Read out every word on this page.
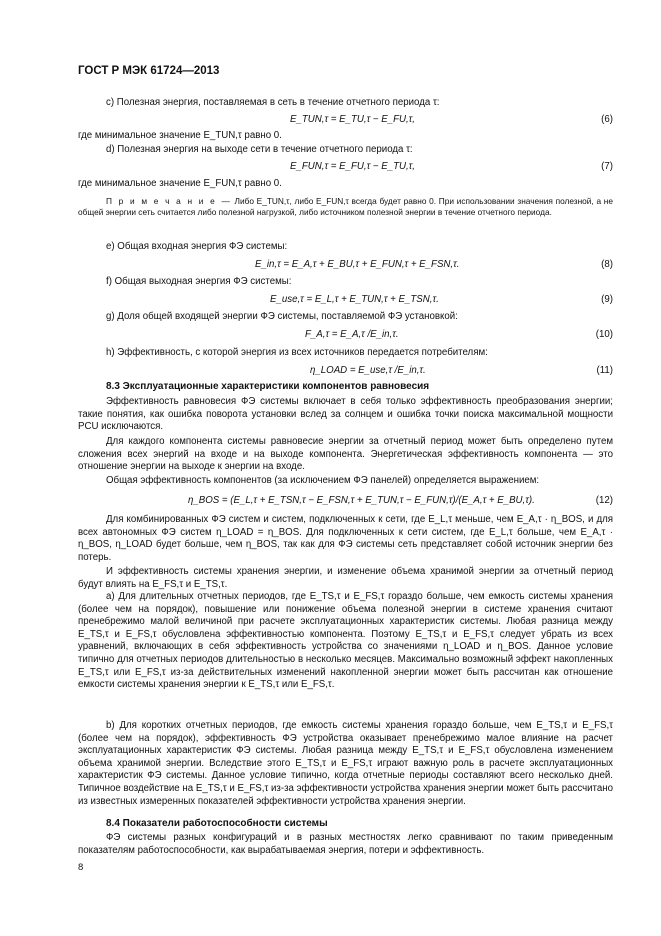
ГОСТ Р МЭК 61724—2013
c) Полезная энергия, поставляемая в сеть в течение отчетного периода τ:
E_TUN,τ = E_TU,τ − E_FU,τ,	(6)
где минимальное значение E_TUN,τ равно 0.
d) Полезная энергия на выходе сети в течение отчетного периода τ:
E_FUN,τ = E_FU,τ − E_TU,τ,	(7)
где минимальное значение E_FUN,τ равно 0.
П р и м е ч а н и е — Либо E_TUN,τ, либо E_FUN,τ всегда будет равно 0. При использовании значения полезной, а не общей энергии сеть считается либо полезной нагрузкой, либо источником полезной энергии в течение отчетного периода.
e) Общая входная энергия ФЭ системы:
E_in,τ = E_A,τ + E_BU,τ + E_FUN,τ + E_FSN,τ.	(8)
f) Общая выходная энергия ФЭ системы:
E_use,τ = E_L,τ + E_TUN,τ + E_TSN,τ.	(9)
g) Доля общей входящей энергии ФЭ системы, поставляемой ФЭ установкой:
F_A,τ = E_A,τ /E_in,τ.	(10)
h) Эффективность, с которой энергия из всех источников передается потребителям:
η_LOAD = E_use,τ /E_in,τ.	(11)
8.3 Эксплуатационные характеристики компонентов равновесия
Эффективность равновесия ФЭ системы включает в себя только эффективность преобразования энергии; такие понятия, как ошибка поворота установки вслед за солнцем и ошибка точки поиска максимальной мощности PCU исключаются.
Для каждого компонента системы равновесие энергии за отчетный период может быть определено путем сложения всех энергий на входе и на выходе компонента. Энергетическая эффективность компонента — это отношение энергии на выходе к энергии на входе.
Общая эффективность компонентов (за исключением ФЭ панелей) определяется выражением:
η_BOS = (E_L,τ + E_TSN,τ − E_FSN,τ + E_TUN,τ − E_FUN,τ)/(E_A,τ + E_BU,τ).	(12)
Для комбинированных ФЭ систем и систем, подключенных к сети, где E_L,τ меньше, чем E_A,τ · η_BOS, и для всех автономных ФЭ систем η_LOAD = η_BOS. Для подключенных к сети систем, где E_L,τ больше, чем E_A,τ · η_BOS, η_LOAD будет больше, чем η_BOS, так как для ФЭ системы сеть представляет собой источник энергии без потерь.
И эффективность системы хранения энергии, и изменение объема хранимой энергии за отчетный период будут влиять на E_FS,τ и E_TS,τ.
a) Для длительных отчетных периодов, где E_TS,τ и E_FS,τ гораздо больше, чем емкость системы хранения (более чем на порядок), повышение или понижение объема полезной энергии в системе хранения считают пренебрежимо малой величиной при расчете эксплуатационных характеристик системы. Любая разница между E_TS,τ и E_FS,τ обусловлена эффективностью компонента. Поэтому E_TS,τ и E_FS,τ следует убрать из всех уравнений, включающих в себя эффективность устройства со значениями η_LOAD и η_BOS. Данное условие типично для отчетных периодов длительностью в несколько месяцев. Максимально возможный эффект накопленных E_TS,τ или E_FS,τ из-за действительных изменений накопленной энергии может быть рассчитан как отношение емкости системы хранения энергии к E_TS,τ или E_FS,τ.
b) Для коротких отчетных периодов, где емкость системы хранения гораздо больше, чем E_TS,τ и E_FS,τ (более чем на порядок), эффективность ФЭ устройства оказывает пренебрежимо малое влияние на расчет эксплуатационных характеристик ФЭ системы. Любая разница между E_TS,τ и E_FS,τ обусловлена изменением объема хранимой энергии. Вследствие этого E_TS,τ и E_FS,τ играют важную роль в расчете эксплуатационных характеристик ФЭ системы. Данное условие типично, когда отчетные периоды составляют всего несколько дней. Типичное воздействие на E_TS,τ и E_FS,τ из-за эффективности устройства хранения энергии может быть рассчитано из известных измеренных показателей эффективности устройства хранения энергии.
8.4 Показатели работоспособности системы
ФЭ системы разных конфигураций и в разных местностях легко сравнивают по таким приведенным показателям работоспособности, как вырабатываемая энергия, потери и эффективность.
8
